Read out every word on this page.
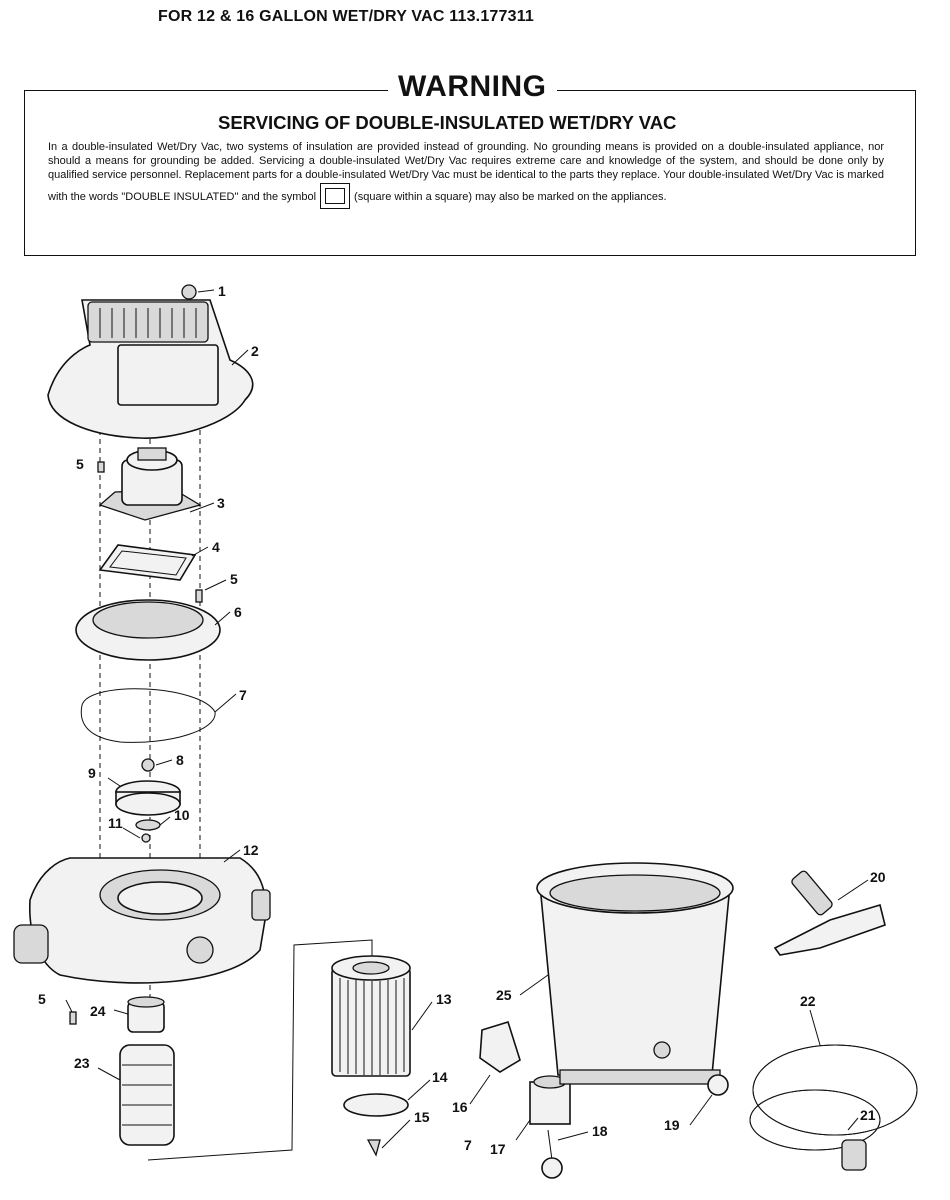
FOR 12 & 16 GALLON WET/DRY VAC 113.177311
WARNING
SERVICING OF DOUBLE-INSULATED WET/DRY VAC
In a double-insulated Wet/Dry Vac, two systems of insulation are provided instead of grounding. No grounding means is provided on a double-insulated appliance, nor should a means for grounding be added. Servicing a double-insulated Wet/Dry Vac requires extreme care and knowledge of the system, and should be done only by qualified service personnel. Replacement parts for a double-insulated Wet/Dry Vac must be identical to the parts they replace. Your double-insulated Wet/Dry Vac is marked with the words "DOUBLE INSULATED" and the symbol	(square within a square) may also be marked on the appliances.
1
2
3
4
5
5
6
7
8
9
10
11
12
5
24
23
13
14
15
16
7 17
18
25
19
20
22
21
